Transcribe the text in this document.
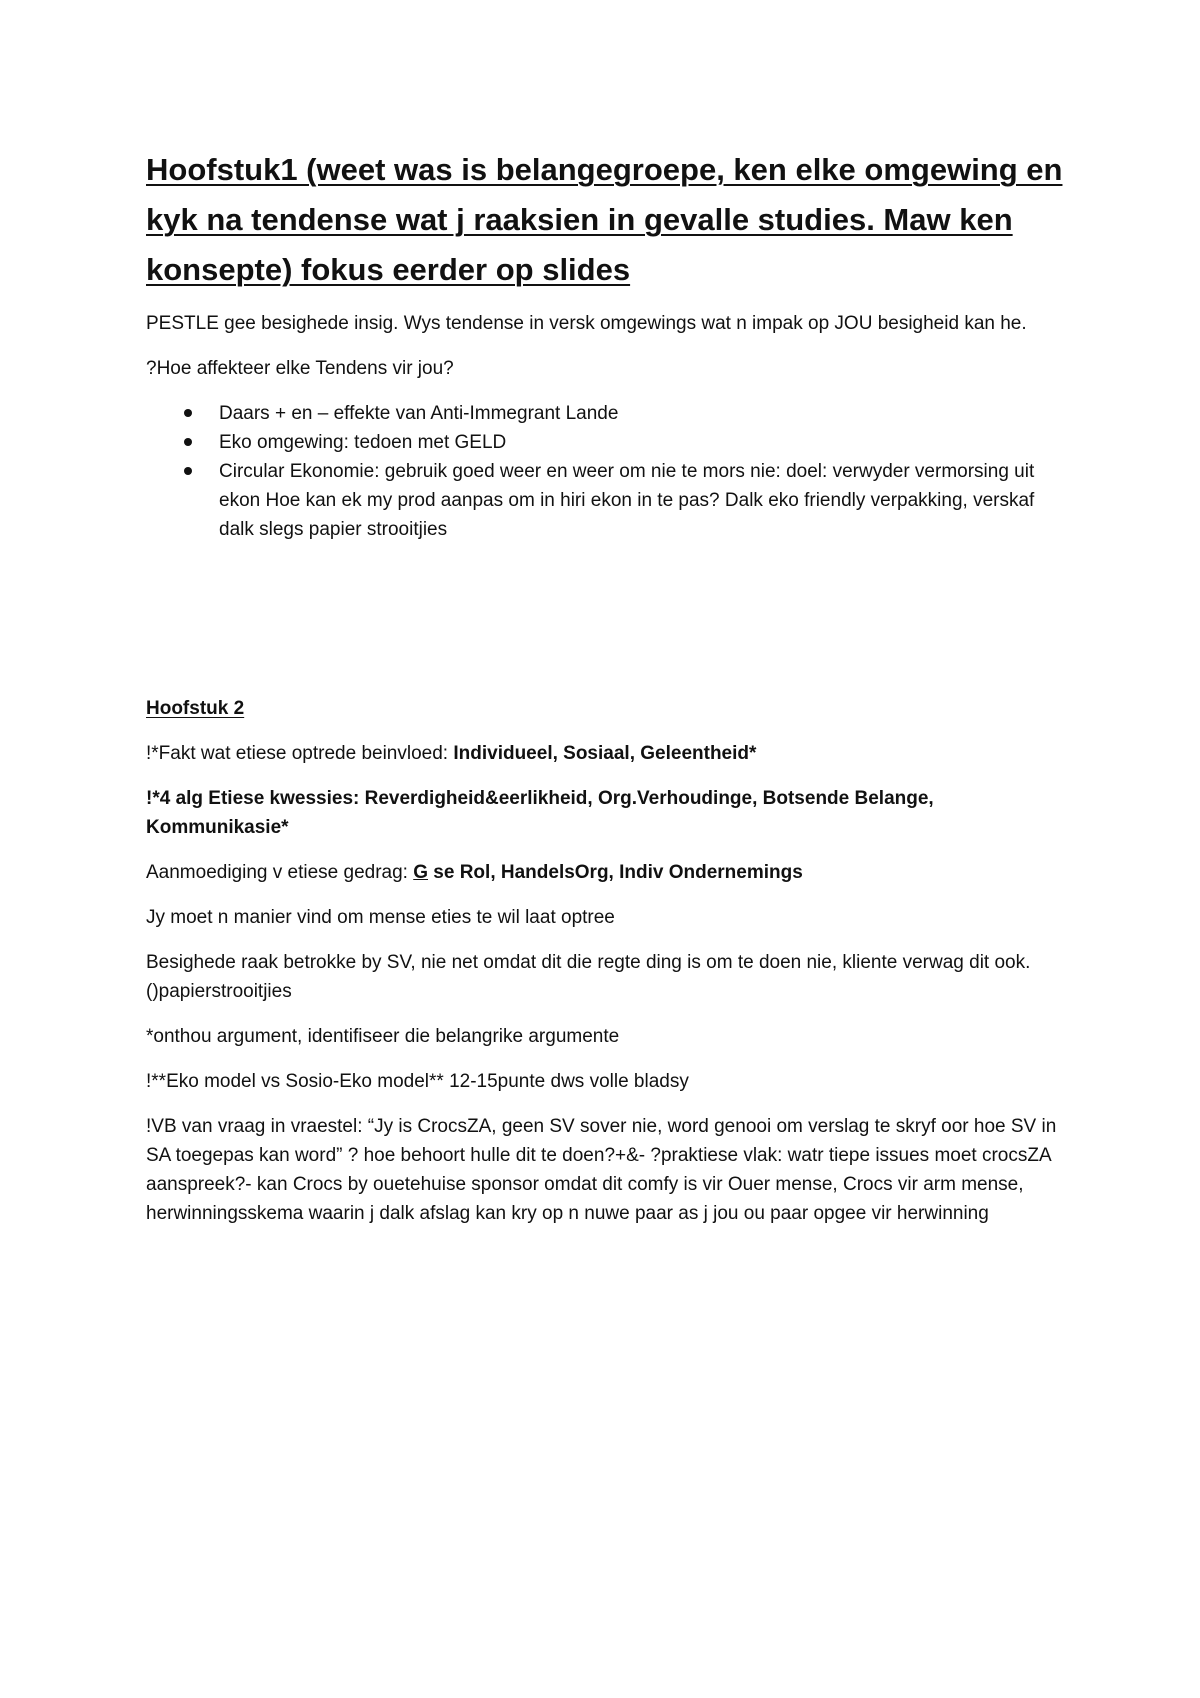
Hoofstuk1 (weet was is belangegroepe, ken elke omgewing en kyk na tendense wat j raaksien in gevalle studies. Maw ken konsepte) fokus eerder op slides

PESTLE gee besighede insig. Wys tendense in versk omgewings wat n impak op JOU besigheid kan he.

?Hoe affekteer elke Tendens vir jou?

Daars + en – effekte van Anti-Immegrant Lande
Eko omgewing: tedoen met GELD
Circular Ekonomie: gebruik goed weer en weer om nie te mors nie: doel: verwyder vermorsing uit ekon Hoe kan ek my prod aanpas om in hiri ekon in te pas? Dalk eko friendly verpakking, verskaf dalk slegs papier strooitjies
Hoofstuk 2

!*Fakt wat etiese optrede beinvloed: Individueel, Sosiaal, Geleentheid*

!*4 alg Etiese kwessies: Reverdigheid&eerlikheid, Org.Verhoudinge, Botsende Belange, Kommunikasie*

Aanmoediging v etiese gedrag: G se Rol, HandelsOrg, Indiv Ondernemings

Jy moet n manier vind om mense eties te wil laat optree

Besighede raak betrokke by SV, nie net omdat dit die regte ding is om te doen nie, kliente verwag dit ook.()papierstrooitjies

*onthou argument, identifiseer die belangrike argumente

!**Eko model vs Sosio-Eko model** 12-15punte dws volle bladsy

!VB van vraag in vraestel: “Jy is CrocsZA, geen SV sover nie, word genooi om verslag te skryf oor hoe SV in SA toegepas kan word” ? hoe behoort hulle dit te doen?+&- ?praktiese vlak: watr tiepe issues moet crocsZA aanspreek?- kan Crocs by ouetehuise sponsor omdat dit comfy is vir Ouer mense, Crocs vir arm mense, herwinningsskema waarin j dalk afslag kan kry op n nuwe paar as j jou ou paar opgee vir herwinning
